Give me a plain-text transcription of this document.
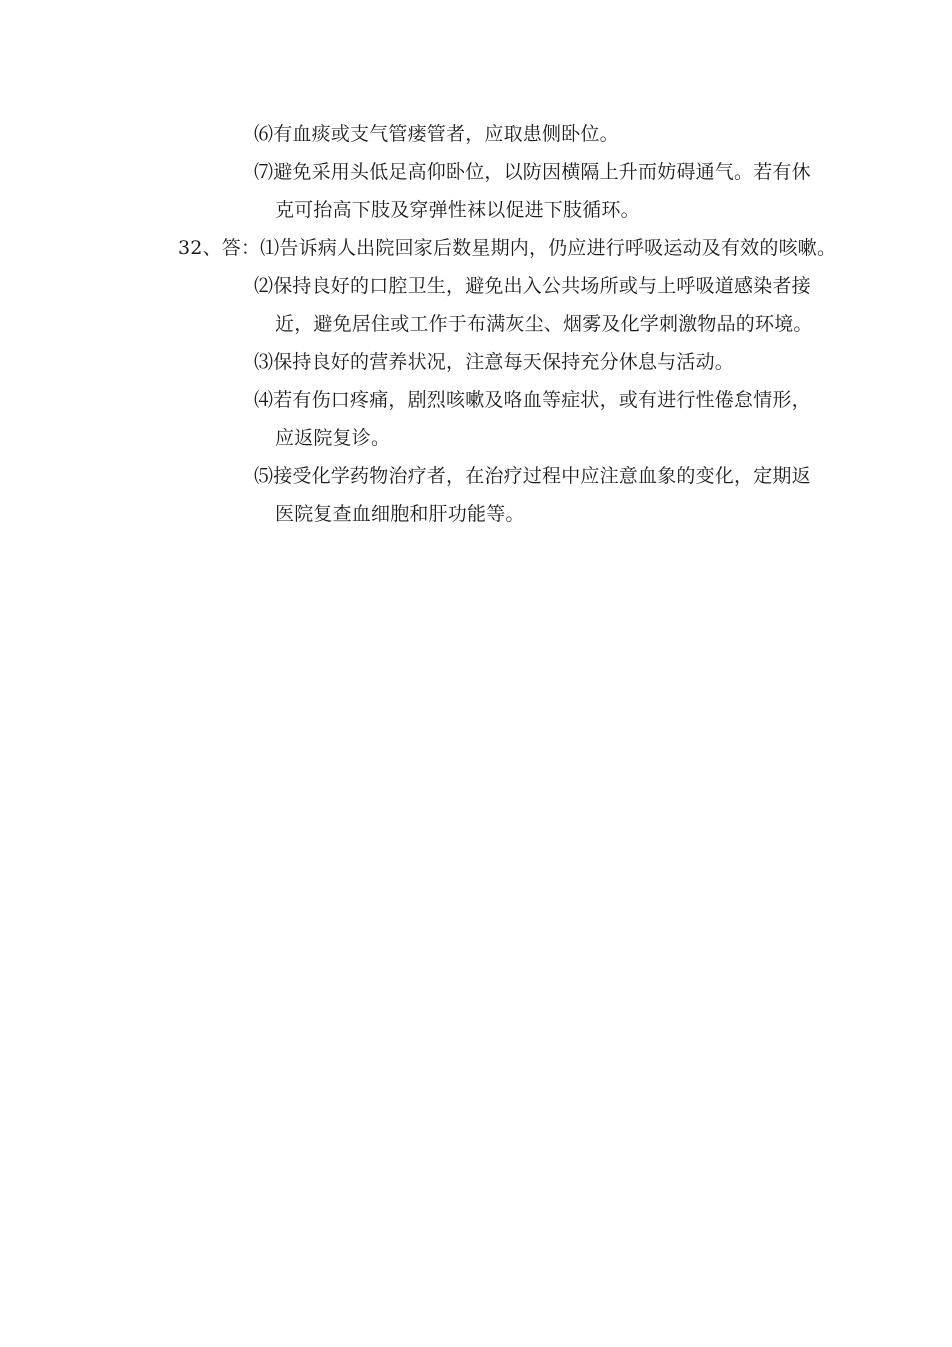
⑹有血痰或支气管瘘管者，应取患侧卧位。
⑺避免采用头低足高仰卧位，以防因横隔上升而妨碍通气。若有休
克可抬高下肢及穿弹性袜以促进下肢循环。
32、答：⑴告诉病人出院回家后数星期内，仍应进行呼吸运动及有效的咳嗽。
⑵保持良好的口腔卫生，避免出入公共场所或与上呼吸道感染者接
近，避免居住或工作于布满灰尘、烟雾及化学刺激物品的环境。
⑶保持良好的营养状况，注意每天保持充分休息与活动。
⑷若有伤口疼痛，剧烈咳嗽及咯血等症状，或有进行性倦怠情形，
应返院复诊。
⑸接受化学药物治疗者，在治疗过程中应注意血象的变化，定期返
医院复查血细胞和肝功能等。
